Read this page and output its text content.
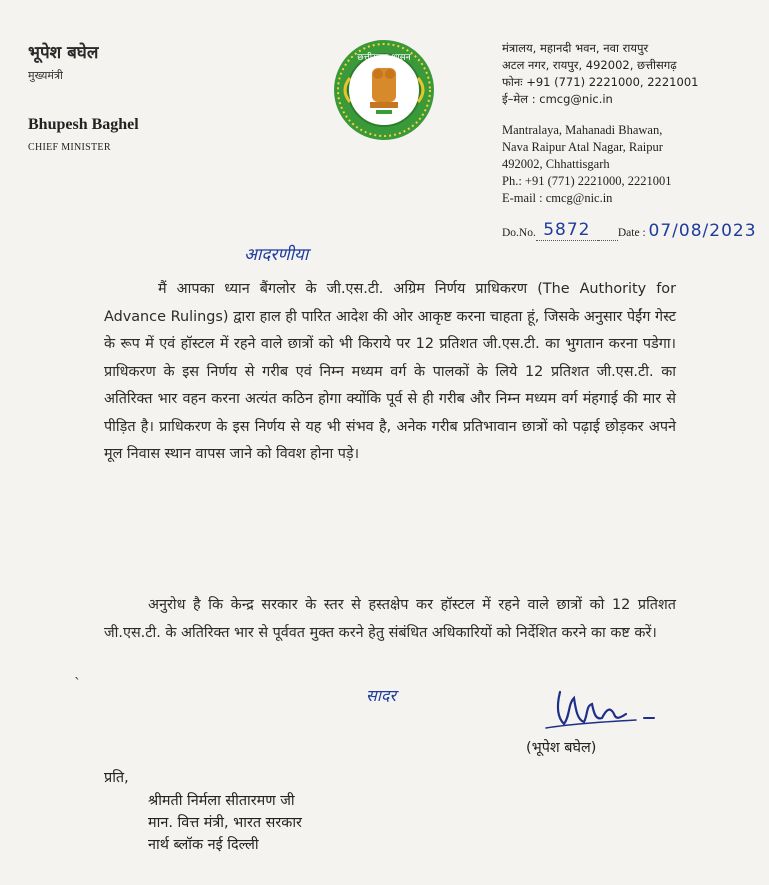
भूपेश बघेल
मुख्यमंत्री
Bhupesh Baghel
CHIEF MINISTER
छत्तीसगढ़ शासन
मंत्रालय, महानदी भवन, नवा रायपुर
अटल नगर, रायपुर, 492002, छत्तीसगढ़
फोनः +91 (771) 2221000, 2221001
ई–मेल : cmcg@nic.in
Mantralaya, Mahanadi Bhawan,
Nava Raipur Atal Nagar, Raipur
492002, Chhattisgarh
Ph.: +91 (771) 2221000, 2221001
E-mail : cmcg@nic.in
Do.No. 5872 Date : 07/08/2023
आदरणीया
मैं आपका ध्यान बैंगलोर के जी.एस.टी. अग्रिम निर्णय प्राधिकरण (The Authority for Advance Rulings) द्वारा हाल ही पारित आदेश की ओर आकृष्ट करना चाहता हूं, जिसके अनुसार पेईंग गेस्ट के रूप में एवं हॉस्टल में रहने वाले छात्रों को भी किराये पर 12 प्रतिशत जी.एस.टी. का भुगतान करना पडेगा। प्राधिकरण के इस निर्णय से गरीब एवं निम्न मध्यम वर्ग के पालकों के लिये 12 प्रतिशत जी.एस.टी. का अतिरिक्त भार वहन करना अत्यंत कठिन होगा क्योंकि पूर्व से ही गरीब और निम्न मध्यम वर्ग मंहगाई की मार से पीड़ित है। प्राधिकरण के इस निर्णय से यह भी संभव है, अनेक गरीब प्रतिभावान छात्रों को पढ़ाई छोड़कर अपने मूल निवास स्थान वापस जाने को विवश होना पड़े।
अनुरोध है कि केन्द्र सरकार के स्तर से हस्तक्षेप कर हॉस्टल में रहने वाले छात्रों को 12 प्रतिशत जी.एस.टी. के अतिरिक्त भार से पूर्ववत मुक्त करने हेतु संबंधित अधिकारियों को निर्देशित करने का कष्ट करें।
ˎ
सादर
(भूपेश बघेल)
प्रति,
श्रीमती निर्मला सीतारमण जी
मान. वित्त मंत्री, भारत सरकार
नार्थ ब्लॉक नई दिल्ली
